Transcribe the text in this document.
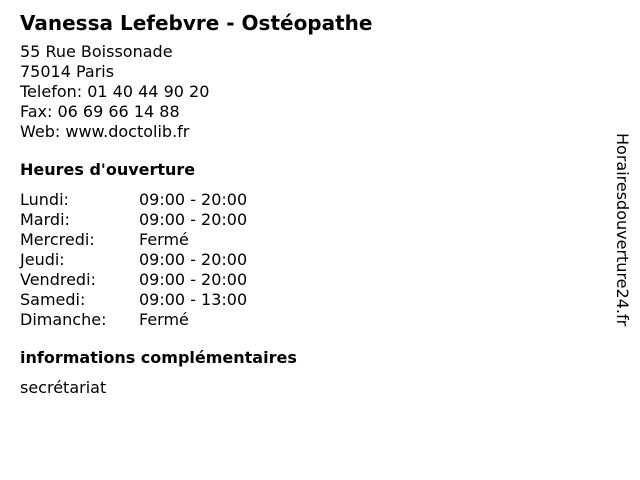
Vanessa Lefebvre - Ostéopathe
55 Rue Boissonade
75014 Paris
Telefon: 01 40 44 90 20
Fax: 06 69 66 14 88
Web: www.doctolib.fr
Heures d'ouverture
Lundi:	09:00 - 20:00
Mardi:	09:00 - 20:00
Mercredi:	Fermé
Jeudi:	09:00 - 20:00
Vendredi:	09:00 - 20:00
Samedi:	09:00 - 13:00
Dimanche: Fermé
informations complémentaires
secrétariat
Horairesdouverture24.fr
